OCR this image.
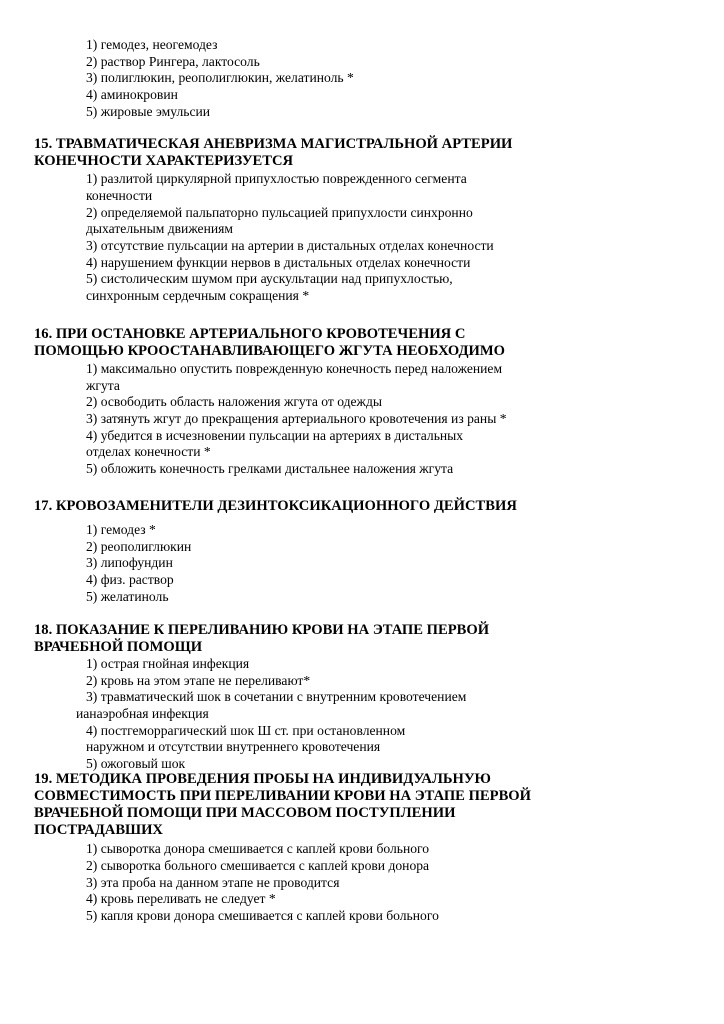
1) гемодез, неогемодез
2) раствор Рингера, лактосоль
3) полиглюкин, реополиглюкин, желатиноль *
4) аминокровин
5) жировые эмульсии
15. ТРАВМАТИЧЕСКАЯ АНЕВРИЗМА МАГИСТРАЛЬНОЙ АРТЕРИИ
КОНЕЧНОСТИ ХАРАКТЕРИЗУЕТСЯ
1) разлитой циркулярной припухлостью поврежденного сегмента
конечности
2) определяемой пальпаторно пульсацией припухлости синхронно
дыхательным движениям
3) отсутствие пульсации на артерии в дистальных отделах конечности
4) нарушением функции нервов в дистальных отделах конечности
5) систолическим шумом при аускультации над припухлостью,
синхронным сердечным сокращения *
16. ПРИ ОСТАНОВКЕ АРТЕРИАЛЬНОГО КРОВОТЕЧЕНИЯ С
ПОМОЩЬЮ КРООСТАНАВЛИВАЮЩЕГО ЖГУТА НЕОБХОДИМО
1) максимально опустить поврежденную конечность перед наложением
жгута
2) освободить область наложения жгута от одежды
3) затянуть жгут до прекращения артериального кровотечения из раны *
4) убедится в исчезновении пульсации на артериях в дистальных
отделах конечности *
5) обложить конечность грелками дистальнее наложения жгута
17. КРОВОЗАМЕНИТЕЛИ ДЕЗИНТОКСИКАЦИОННОГО ДЕЙСТВИЯ
1) гемодез *
2) реополиглюкин
3) липофундин
4) физ. раствор
5) желатиноль
18. ПОКАЗАНИЕ К ПЕРЕЛИВАНИЮ КРОВИ НА ЭТАПЕ ПЕРВОЙ
ВРАЧЕБНОЙ ПОМОЩИ
1) острая гнойная инфекция
2) кровь на этом этапе не переливают*
3) травматический шок в сочетании с внутренним кровотечением
ианаэробная инфекция
4) постгеморрагический шок Ш ст. при остановленном
наружном и отсутствии внутреннего кровотечения
5) ожоговый шок
19. МЕТОДИКА ПРОВЕДЕНИЯ ПРОБЫ НА ИНДИВИДУАЛЬНУЮ
СОВМЕСТИМОСТЬ ПРИ ПЕРЕЛИВАНИИ КРОВИ НА ЭТАПЕ ПЕРВОЙ
ВРАЧЕБНОЙ ПОМОЩИ ПРИ МАССОВОМ ПОСТУПЛЕНИИ
ПОСТРАДАВШИХ
1) сыворотка донора смешивается с каплей крови больного
2) сыворотка больного смешивается с каплей крови донора
3) эта проба на данном этапе не проводится
4) кровь переливать не следует *
5) капля крови донора смешивается с каплей крови больного
